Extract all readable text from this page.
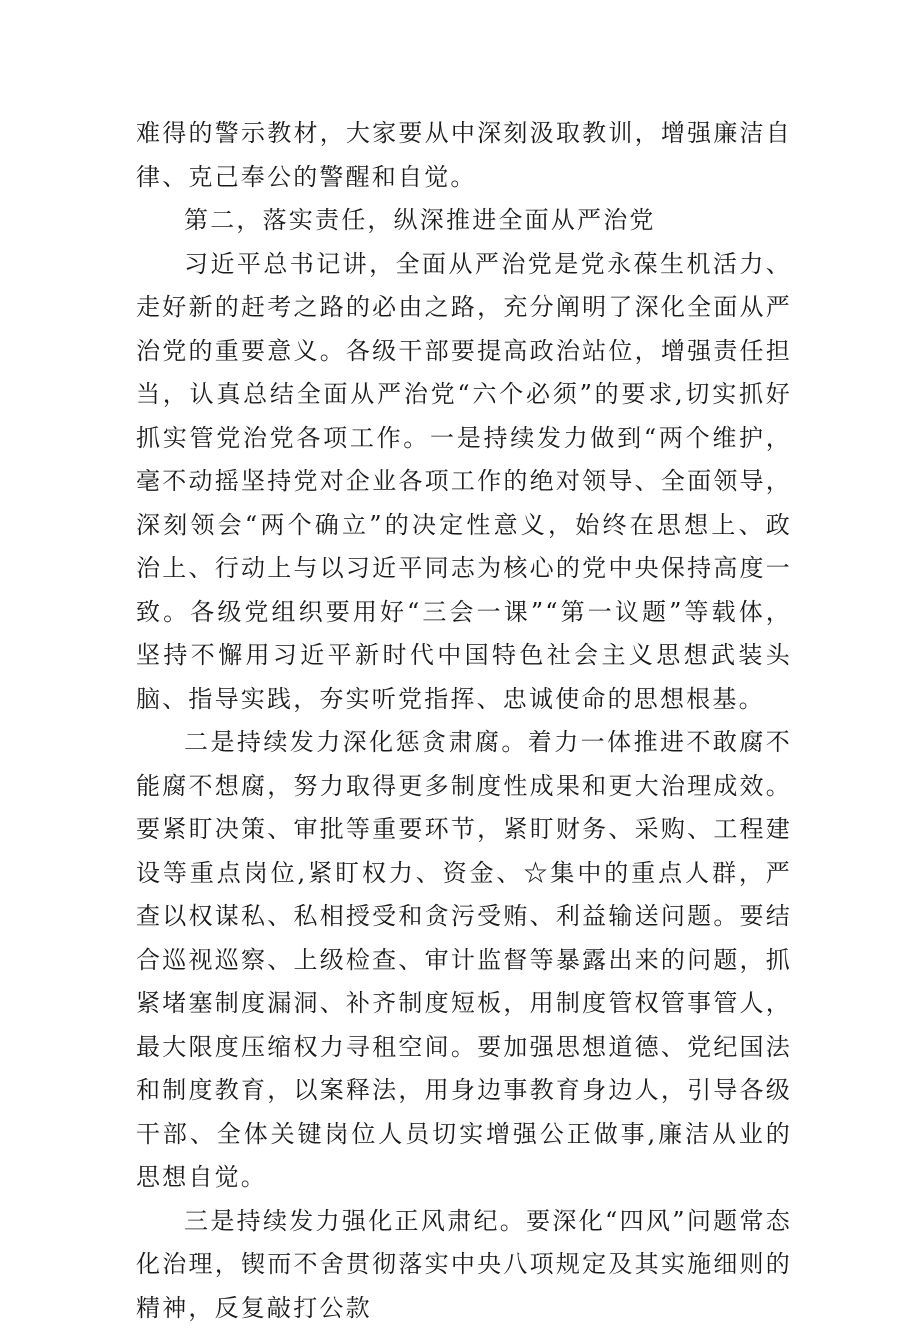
难得的警示教材，大家要从中深刻汲取教训，增强廉洁自律、克己奉公的警醒和自觉。

第二，落实责任，纵深推进全面从严治党

习近平总书记讲，全面从严治党是党永葆生机活力、走好新的赶考之路的必由之路，充分阐明了深化全面从严治党的重要意义。各级干部要提高政治站位，增强责任担当，认真总结全面从严治党“六个必须”的要求,切实抓好抓实管党治党各项工作。一是持续发力做到“两个维护，毫不动摇坚持党对企业各项工作的绝对领导、全面领导，深刻领会“两个确立”的决定性意义，始终在思想上、政治上、行动上与以习近平同志为核心的党中央保持高度一致。各级党组织要用好“三会一课”“第一议题”等载体，坚持不懈用习近平新时代中国特色社会主义思想武装头脑、指导实践，夯实听党指挥、忠诚使命的思想根基。

二是持续发力深化惩贪肃腐。着力一体推进不敢腐不能腐不想腐，努力取得更多制度性成果和更大治理成效。要紧盯决策、审批等重要环节，紧盯财务、采购、工程建设等重点岗位,紧盯权力、资金、☆集中的重点人群，严查以权谋私、私相授受和贪污受贿、利益输送问题。要结合巡视巡察、上级检查、审计监督等暴露出来的问题，抓紧堵塞制度漏洞、补齐制度短板，用制度管权管事管人，最大限度压缩权力寻租空间。要加强思想道德、党纪国法和制度教育，以案释法，用身边事教育身边人，引导各级干部、全体关键岗位人员切实增强公正做事,廉洁从业的思想自觉。

三是持续发力强化正风肃纪。要深化“四风”问题常态化治理，锲而不舍贯彻落实中央八项规定及其实施细则的精神，反复敲打公款
